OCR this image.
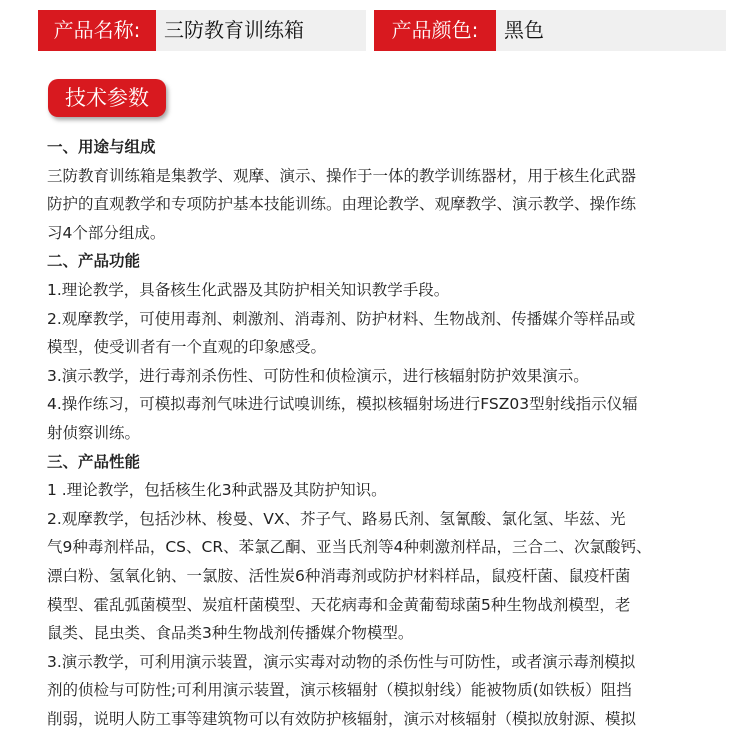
产品名称:	三防教育训练箱	产品颜色:	黑色
技术参数
一、用途与组成
三防教育训练箱是集教学、观摩、演示、操作于一体的教学训练器材，用于核生化武器
防护的直观教学和专项防护基本技能训练。由理论教学、观摩教学、演示教学、操作练
习4个部分组成。
二、产品功能
1.理论教学，具备核生化武器及其防护相关知识教学手段。
2.观摩教学，可使用毒剂、刺激剂、消毒剂、防护材料、生物战剂、传播媒介等样品或
模型，使受训者有一个直观的印象感受。
3.演示教学，进行毒剂杀伤性、可防性和侦检演示，进行核辐射防护效果演示。
4.操作练习，可模拟毒剂气味进行试嗅训练，模拟核辐射场进行FSZ03型射线指示仪辐
射侦察训练。
三、产品性能
1 .理论教学，包括核生化3种武器及其防护知识。
2.观摩教学，包括沙林、梭曼、VX、芥子气、路易氏剂、氢氰酸、氯化氢、毕兹、光
气9种毒剂样品，CS、CR、苯氯乙酮、亚当氏剂等4种刺激剂样品，三合二、次氯酸钙、
漂白粉、氢氧化钠、一氯胺、活性炭6种消毒剂或防护材料样品，鼠疫杆菌、鼠疫杆菌
模型、霍乱弧菌模型、炭疽杆菌模型、天花病毒和金黄葡萄球菌5种生物战剂模型，老
鼠类、昆虫类、食品类3种生物战剂传播媒介物模型。
3.演示教学，可利用演示装置，演示实毒对动物的杀伤性与可防性，或者演示毒剂模拟
剂的侦检与可防性;可利用演示装置，演示核辐射（模拟射线）能被物质(如铁板）阻挡
削弱，说明人防工事等建筑物可以有效防护核辐射，演示对核辐射（模拟放射源、模拟
